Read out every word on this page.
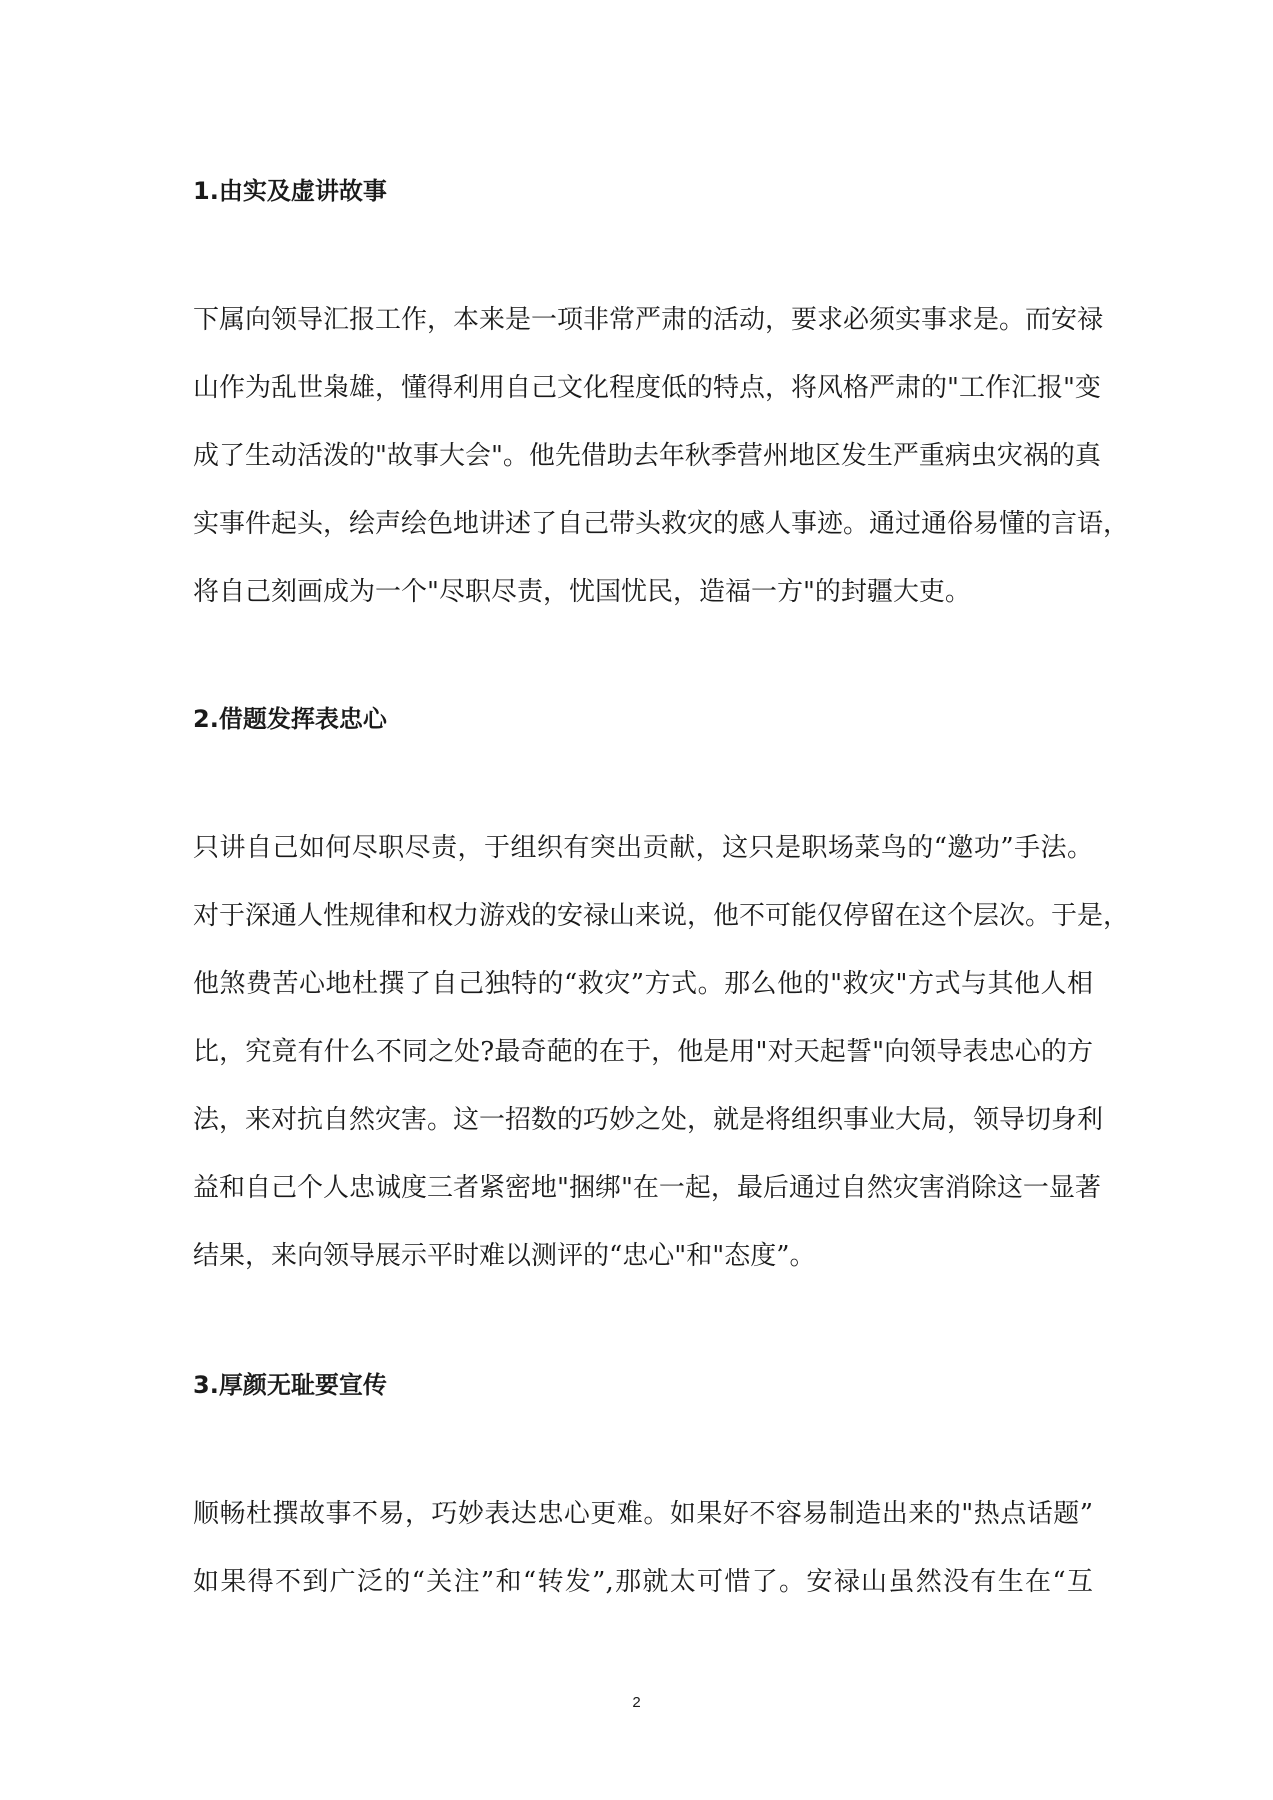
1.由实及虚讲故事
下属向领导汇报工作，本来是一项非常严肃的活动，要求必须实事求是。而安禄
山作为乱世枭雄，懂得利用自己文化程度低的特点，将风格严肃的"工作汇报"变
成了生动活泼的"故事大会"。他先借助去年秋季营州地区发生严重病虫灾祸的真
实事件起头，绘声绘色地讲述了自己带头救灾的感人事迹。通过通俗易懂的言语，
将自己刻画成为一个"尽职尽责，忧国忧民，造福一方"的封疆大吏。
2.借题发挥表忠心
只讲自己如何尽职尽责，于组织有突出贡献，这只是职场菜鸟的“邀功”手法。
对于深通人性规律和权力游戏的安禄山来说，他不可能仅停留在这个层次。于是，
他煞费苦心地杜撰了自己独特的“救灾”方式。那么他的"救灾"方式与其他人相
比，究竟有什么不同之处?最奇葩的在于，他是用"对天起誓"向领导表忠心的方
法，来对抗自然灾害。这一招数的巧妙之处，就是将组织事业大局，领导切身利
益和自己个人忠诚度三者紧密地"捆绑"在一起，最后通过自然灾害消除这一显著
结果，来向领导展示平时难以测评的“忠心"和"态度”。
3.厚颜无耻要宣传
顺畅杜撰故事不易，巧妙表达忠心更难。如果好不容易制造出来的"热点话题”
如果得不到广泛的“关注”和“转发”,那就太可惜了。安禄山虽然没有生在“互
2
